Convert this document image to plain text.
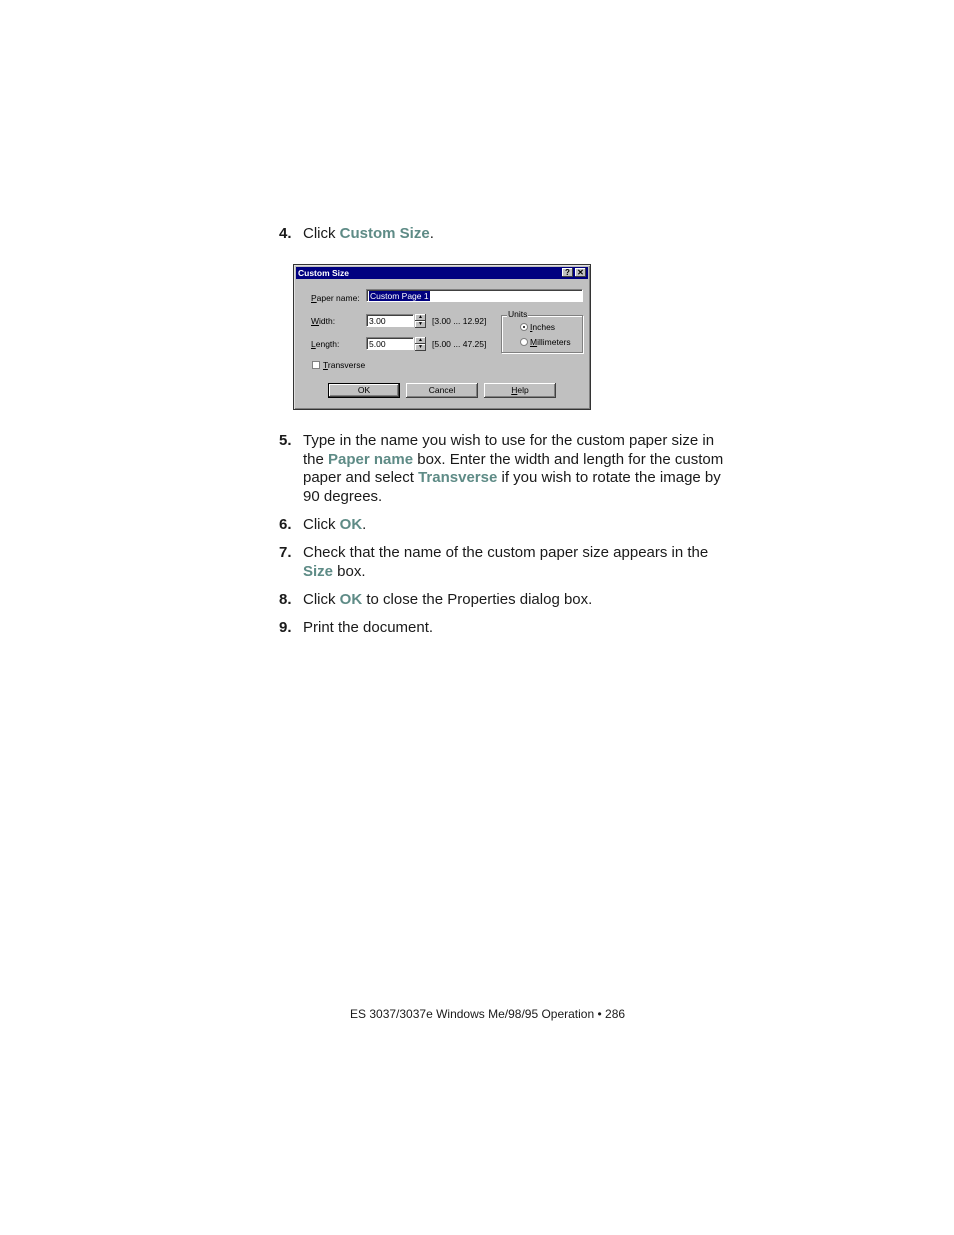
4. Click Custom Size.
Custom Size	? ✕
Paper name:	Custom Page 1
Width:	3.00	▲
▼	[3.00 ... 12.92]
Length:	5.00	▲
▼	[5.00 ... 47.25]
Units
Inches
Millimeters
Transverse
OK	Cancel	Help
5. Type in the name you wish to use for the custom paper size in the Paper name box. Enter the width and length for the custom paper and select Transverse if you wish to rotate the image by 90 degrees.
6. Click OK.
7. Check that the name of the custom paper size appears in the Size box.
8. Click OK to close the Properties dialog box.
9. Print the document.
ES 3037/3037e Windows Me/98/95 Operation • 286
